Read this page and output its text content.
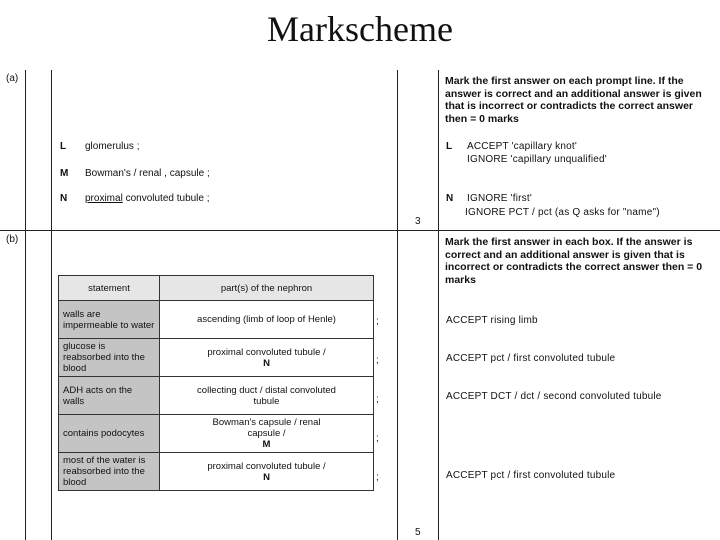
Markscheme
(a)
L glomerulus ;
M Bowman's / renal , capsule ;
N proximal convoluted tubule ;
3
Mark the first answer on each prompt line. If the answer is correct and an additional answer is given that is incorrect or contradicts the correct answer then = 0 marks
L ACCEPT 'capillary knot'
IGNORE 'capillary unqualified'
N IGNORE 'first'
IGNORE PCT / pct (as Q asks for "name")
(b)
statement	part(s) of the nephron
walls are impermeable to water	ascending (limb of loop of Henle)
glucose is reabsorbed into the blood	proximal convoluted tubule /
N
ADH acts on the walls	collecting duct / distal convoluted tubule
contains podocytes	Bowman's capsule / renal capsule /
M
most of the water is reabsorbed into the blood	proximal convoluted tubule /
N
;
;
;
;
;
5
Mark the first answer in each box. If the answer is correct and an additional answer is given that is incorrect or contradicts the correct answer then = 0 marks
ACCEPT rising limb
ACCEPT pct / first convoluted tubule
ACCEPT DCT / dct / second convoluted tubule
ACCEPT pct / first convoluted tubule
